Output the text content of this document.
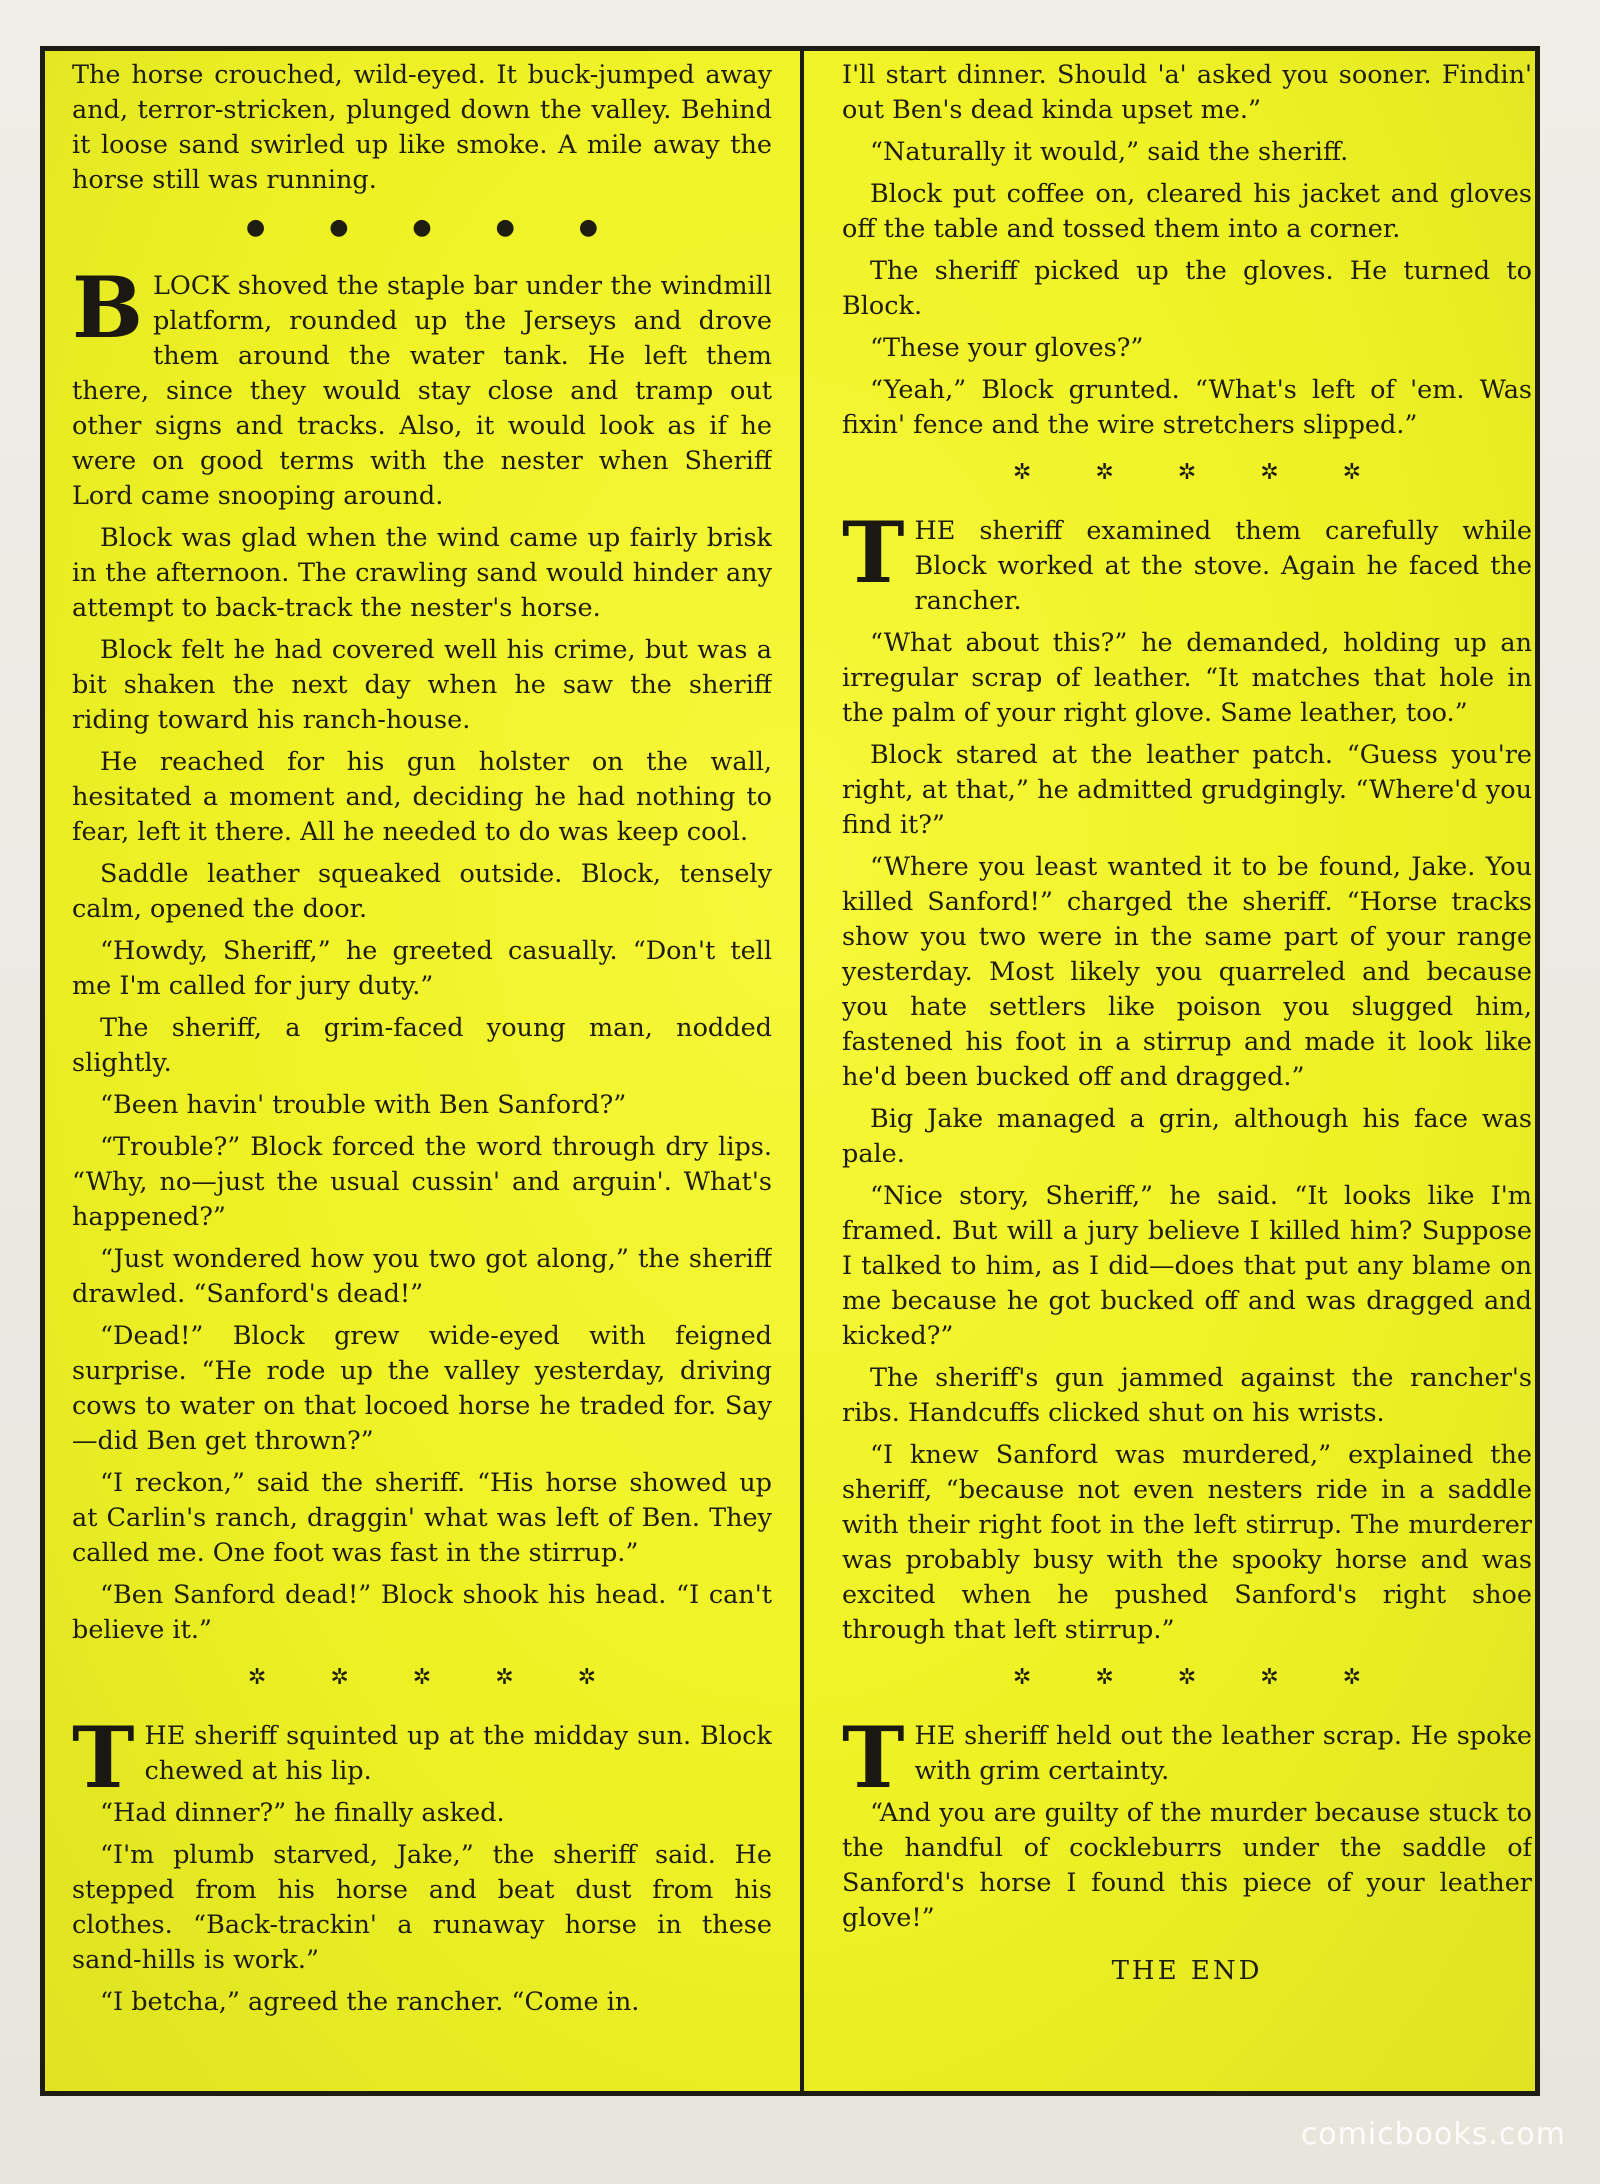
The horse crouched, wild-eyed. It buck-jumped away and, terror-stricken, plunged down the valley. Behind it loose sand swirled up like smoke. A mile away the horse still was running.

●	●	●	●	●

BLOCK shoved the staple bar under the windmill platform, rounded up the Jerseys and drove them around the water tank. He left them there, since they would stay close and tramp out other signs and tracks. Also, it would look as if he were on good terms with the nester when Sheriff Lord came snooping around.

Block was glad when the wind came up fairly brisk in the afternoon. The crawling sand would hinder any attempt to back-track the nester's horse.

Block felt he had covered well his crime, but was a bit shaken the next day when he saw the sheriff riding toward his ranch-house.

He reached for his gun holster on the wall, hesitated a moment and, deciding he had nothing to fear, left it there. All he needed to do was keep cool.

Saddle leather squeaked outside. Block, tensely calm, opened the door.

“Howdy, Sheriff,” he greeted casually. “Don't tell me I'm called for jury duty.”

The sheriff, a grim-faced young man, nodded slightly.

“Been havin' trouble with Ben Sanford?”

“Trouble?” Block forced the word through dry lips. “Why, no—just the usual cussin' and arguin'. What's happened?”

“Just wondered how you two got along,” the sheriff drawled. “Sanford's dead!”

“Dead!” Block grew wide-eyed with feigned surprise. “He rode up the valley yesterday, driving cows to water on that locoed horse he traded for. Say—did Ben get thrown?”

“I reckon,” said the sheriff. “His horse showed up at Carlin's ranch, draggin' what was left of Ben. They called me. One foot was fast in the stirrup.”

“Ben Sanford dead!” Block shook his head. “I can't believe it.”

✲	✲	✲	✲	✲

THE sheriff squinted up at the midday sun. Block chewed at his lip.

“Had dinner?” he finally asked.

“I'm plumb starved, Jake,” the sheriff said. He stepped from his horse and beat dust from his clothes. “Back-trackin' a runaway horse in these sand-hills is work.”

“I betcha,” agreed the rancher. “Come in.

I'll start dinner. Should 'a' asked you sooner. Findin' out Ben's dead kinda upset me.”

“Naturally it would,” said the sheriff.

Block put coffee on, cleared his jacket and gloves off the table and tossed them into a corner.

The sheriff picked up the gloves. He turned to Block.

“These your gloves?”

“Yeah,” Block grunted. “What's left of 'em. Was fixin' fence and the wire stretchers slipped.”

✲	✲	✲	✲	✲

THE sheriff examined them carefully while Block worked at the stove. Again he faced the rancher.

“What about this?” he demanded, holding up an irregular scrap of leather. “It matches that hole in the palm of your right glove. Same leather, too.”

Block stared at the leather patch. “Guess you're right, at that,” he admitted grudgingly. “Where'd you find it?”

“Where you least wanted it to be found, Jake. You killed Sanford!” charged the sheriff. “Horse tracks show you two were in the same part of your range yesterday. Most likely you quarreled and because you hate settlers like poison you slugged him, fastened his foot in a stirrup and made it look like he'd been bucked off and dragged.”

Big Jake managed a grin, although his face was pale.

“Nice story, Sheriff,” he said. “It looks like I'm framed. But will a jury believe I killed him? Suppose I talked to him, as I did—does that put any blame on me because he got bucked off and was dragged and kicked?”

The sheriff's gun jammed against the rancher's ribs. Handcuffs clicked shut on his wrists.

“I knew Sanford was murdered,” explained the sheriff, “because not even nesters ride in a saddle with their right foot in the left stirrup. The murderer was probably busy with the spooky horse and was excited when he pushed Sanford's right shoe through that left stirrup.”

✲	✲	✲	✲	✲

THE sheriff held out the leather scrap. He spoke with grim certainty.

“And you are guilty of the murder because stuck to the handful of cockleburrs under the saddle of Sanford's horse I found this piece of your leather glove!”

THE END
comicbooks.com
